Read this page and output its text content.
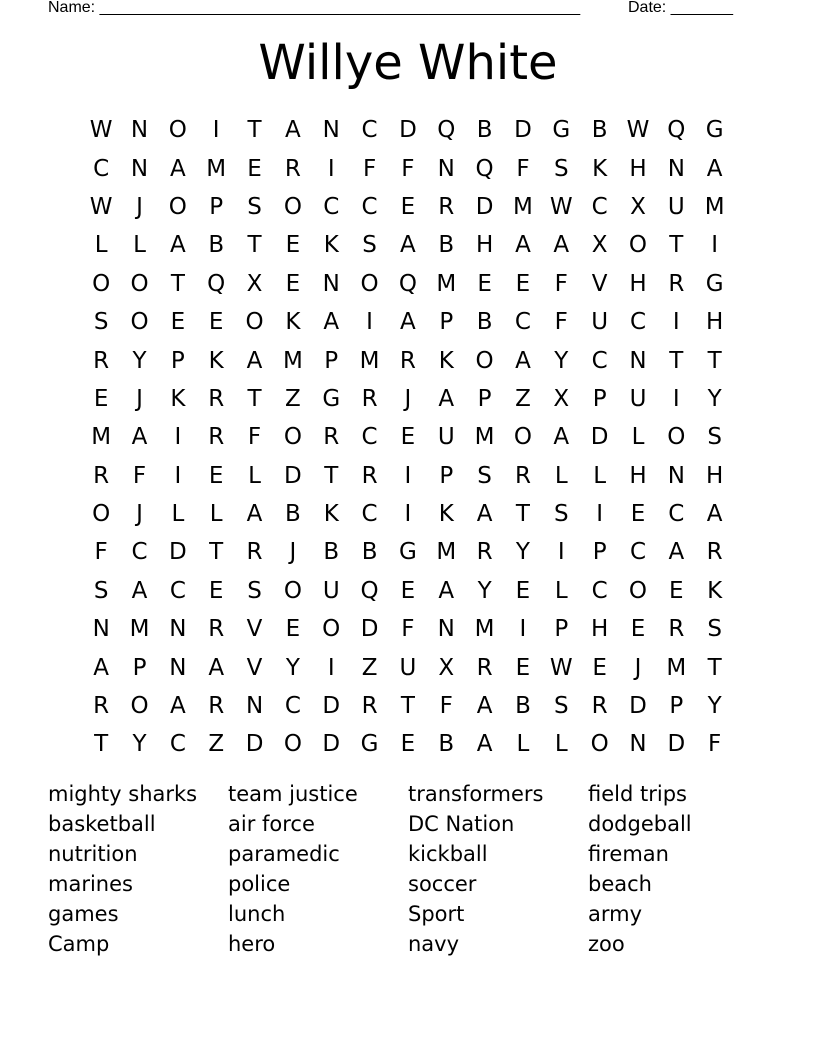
Name: ______________________________________________________

	Date: _______

Willye White
W N O	I	T	A N C D Q B D G B W Q G
C N A M E	R	I	F	F	N Q F	S	K H N A
W	J	O P	S O C C	E	R D M W C X U M
L	L	A B	T	E	K	S	A B H A A X O T	I
O O T Q X	E N O Q M E	E	F	V H R G
S O E	E O K A	I	A	P	B C	F	U C	I	H
R	Y	P	K A M P M R K O A	Y	C N T	T
E	J	K R	T	Z G R	J	A	P	Z X	P U	I	Y
M A	I	R	F O R C	E U M O A D	L O S
R	F	I	E	L	D T	R	I	P	S	R	L	L	H N H
O	J	L	L	A B K C	I	K A	T	S	I	E	C A
F	C D T	R	J	B B G M R	Y	I	P	C A R
S	A C	E	S O U Q E	A	Y	E	L	C O E	K
N M N R V	E O D F	N M	I	P H E	R	S
A	P N A V	Y	I	Z U X R	E W E	J	M T
R O A R N C D R	T	F	A B	S	R D P	Y
T	Y	C Z D O D G E	B A	L	L O N D F
mighty sharks
basketball
nutrition
marines
games
Camp
team justice
air force
paramedic
police
lunch
hero
transformers
DC Nation
kickball
soccer
Sport
navy
field trips
dodgeball
fireman
beach
army
zoo
